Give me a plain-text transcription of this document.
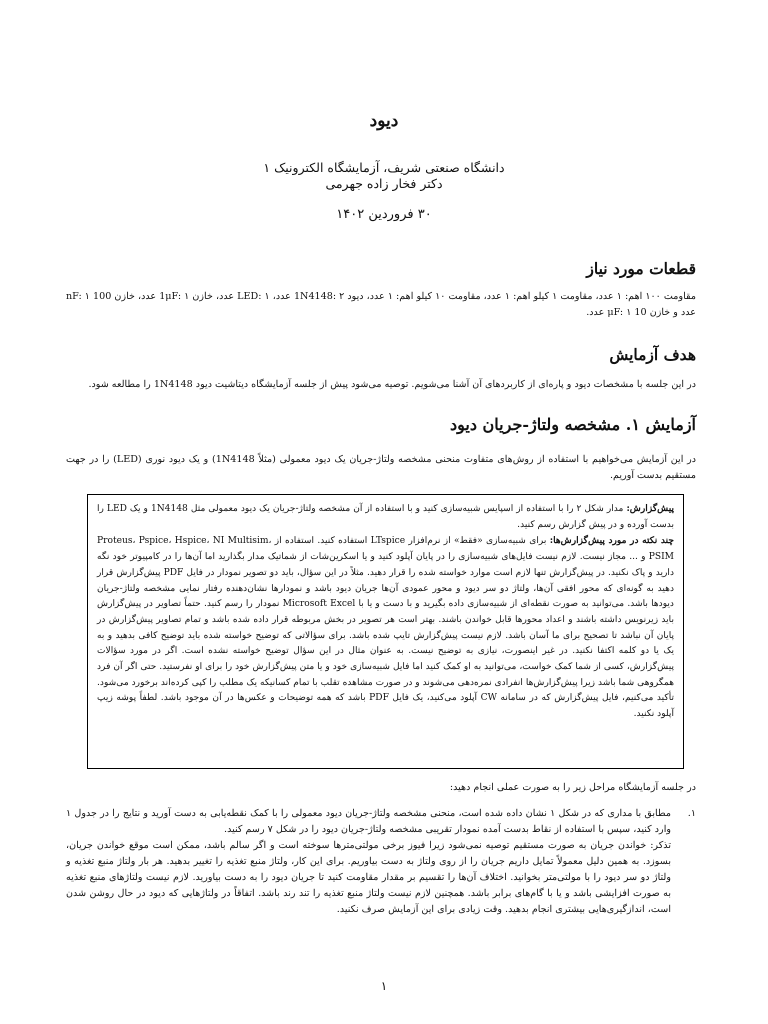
دیود
دانشگاه صنعتی شریف، آزمایشگاه الکترونیک ۱
دکتر فخار زاده جهرمی
۳۰ فروردین ۱۴۰۲
قطعات مورد نیاز
مقاومت ۱۰۰ اهم: ۱ عدد، مقاومت ۱ کیلو اهم: ۱ عدد، مقاومت ۱۰ کیلو اهم: ۱ عدد، دیود 1N4148: ۲ عدد، LED: ۱ عدد، خازن 1μF: ۱ عدد، خازن 100 nF: ۱ عدد و خازن 10 μF: ۱ عدد.
هدف آزمایش
در این جلسه با مشخصات دیود و پاره‌ای از کاربردهای آن آشنا می‌شویم. توصیه می‌شود پیش از جلسه آزمایشگاه دیتاشیت دیود 1N4148 را مطالعه شود.
آزمایش ۱. مشخصه ولتاژ-جریان دیود
در این آزمایش می‌خواهیم با استفاده از روش‌های متفاوت منحنی مشخصه ولتاژ-جریان یک دیود معمولی (مثلاً 1N4148) و یک دیود نوری (LED) را در جهت مستقیم بدست آوریم.
پیش‌گزارش: مدار شکل ۲ را با استفاده از اسپایس شبیه‌سازی کنید و با استفاده از آن مشخصه ولتاژ-جریان یک دیود معمولی مثل 1N4148 و یک LED را بدست آورده و در پیش گزارش رسم کنید.
چند نکته در مورد پیش‌گزارش‌ها: برای شبیه‌سازی «فقط» از نرم‌افزار LTspice استفاده کنید. استفاده از Proteus، Pspice، Hspice، NI Multisim، PSIM و ... مجاز نیست. لازم نیست فایل‌های شبیه‌سازی را در پایان آپلود کنید و یا اسکرین‌شات از شماتیک مدار بگذارید اما آن‌ها را در کامپیوتر خود نگه دارید و پاک نکنید. در پیش‌گزارش تنها لازم است موارد خواسته شده را قرار دهید. مثلاً در این سؤال، باید دو تصویر نمودار در فایل PDF پیش‌گزارش قرار دهید به گونه‌ای که محور افقی آن‌ها، ولتاژ دو سر دیود و محور عمودی آن‌ها جریان دیود باشد و نمودارها نشان‌دهنده رفتار نمایی مشخصه ولتاژ-جریان دیودها باشد. می‌توانید به صورت نقطه‌ای از شبیه‌سازی داده بگیرید و با دست و یا با Microsoft Excel نمودار را رسم کنید. حتماً تصاویر در پیش‌گزارش باید زیرنویس داشته باشند و اعداد محورها قابل خواندن باشند. بهتر است هر تصویر در بخش مربوطه قرار داده شده باشد و تمام تصاویر پیش‌گزارش در پایان آن نباشد تا تصحیح برای ما آسان باشد. لازم نیست پیش‌گزارش تایپ شده باشد. برای سؤالاتی که توضیح خواسته شده باید توضیح کافی بدهید و به یک یا دو کلمه اکتفا نکنید. در غیر اینصورت، نیازی به توضیح نیست. به عنوان مثال در این سؤال توضیح خواسته نشده است. اگر در مورد سؤالات پیش‌گزارش، کسی از شما کمک خواست، می‌توانید به او کمک کنید اما فایل شبیه‌سازی خود و یا متن پیش‌گزارش خود را برای او نفرستید. حتی اگر آن فرد همگروهی شما باشد زیرا پیش‌گزارش‌ها انفرادی نمره‌دهی می‌شوند و در صورت مشاهده تقلب با تمام کسانیکه یک مطلب را کپی کرده‌اند برخورد می‌شود. تأکید می‌کنیم، فایل پیش‌گزارش که در سامانه CW آپلود می‌کنید، یک فایل PDF باشد که همه توضیحات و عکس‌ها در آن موجود باشد. لطفاً پوشه زیپ آپلود نکنید.
در جلسه آزمایشگاه مراحل زیر را به صورت عملی انجام دهید:
۱.
مطابق با مداری که در شکل ۱ نشان داده شده است، منحنی مشخصه ولتاژ-جریان دیود معمولی را با کمک نقطه‌یابی به دست آورید و نتایج را در جدول ۱ وارد کنید، سپس با استفاده از نقاط بدست آمده نمودار تقریبی مشخصه ولتاژ-جریان دیود را در شکل ۷ رسم کنید.
تذکر: خواندن جریان به صورت مستقیم توصیه نمی‌شود زیرا فیوز برخی مولتی‌مترها سوخته است و اگر سالم باشد، ممکن است موقع خواندن جریان، بسوزد. به همین دلیل معمولاً تمایل داریم جریان را از روی ولتاژ به دست بیاوریم. برای این کار، ولتاژ منبع تغذیه را تغییر بدهید. هر بار ولتاژ منبع تغذیه و ولتاژ دو سر دیود را با مولتی‌متر بخوانید. اختلاف آن‌ها را تقسیم بر مقدار مقاومت کنید تا جریان دیود را به دست بیاورید. لازم نیست ولتاژهای منبع تغذیه به صورت افزایشی باشد و یا با گام‌های برابر باشد. همچنین لازم نیست ولتاژ منبع تغذیه را تند رند باشد. اتفاقاً در ولتاژهایی که دیود در حال روشن شدن است، اندازگیری‌هایی بیشتری انجام بدهید. وقت زیادی برای این آزمایش صرف نکنید.
۱
